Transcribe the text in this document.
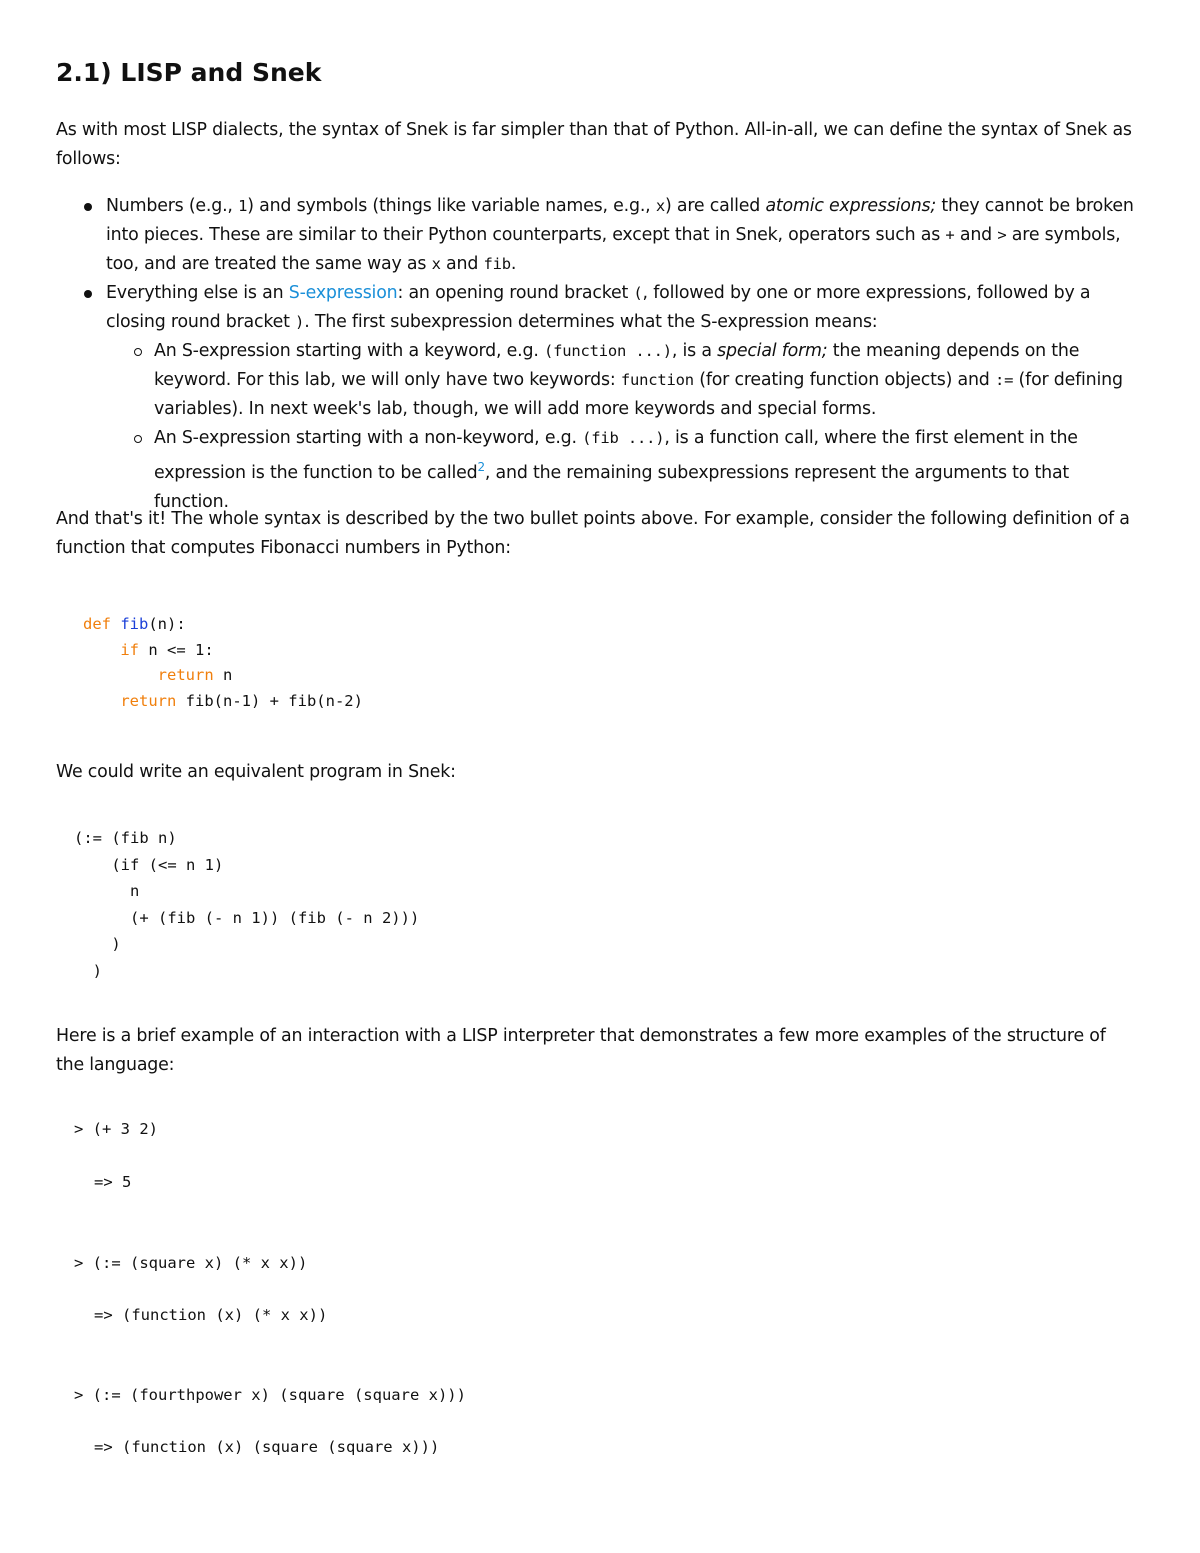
2.1) LISP and Snek

As with most LISP dialects, the syntax of Snek is far simpler than that of Python. All-in-all, we can define the syntax of Snek as follows:

Numbers (e.g., 1) and symbols (things like variable names, e.g., x) are called atomic expressions; they cannot be broken into pieces. These are similar to their Python counterparts, except that in Snek, operators such as + and > are symbols, too, and are treated the same way as x and fib.
Everything else is an S-expression: an opening round bracket (, followed by one or more expressions, followed by a closing round bracket ). The first subexpression determines what the S-expression means:
An S-expression starting with a keyword, e.g. (function ...), is a special form; the meaning depends on the keyword. For this lab, we will only have two keywords: function (for creating function objects) and := (for defining variables). In next week's lab, though, we will add more keywords and special forms.
An S-expression starting with a non-keyword, e.g. (fib ...), is a function call, where the first element in the expression is the function to be called$^2$, and the remaining subexpressions represent the arguments to that function.

And that's it! The whole syntax is described by the two bullet points above. For example, consider the following definition of a function that computes Fibonacci numbers in Python:

def fib(n):
if n <= 1:
return n
return fib(n-1) + fib(n-2)

We could write an equivalent program in Snek:

(:= (fib n)
(if (<= n 1)
n
(+ (fib (- n 1)) (fib (- n 2)))
)
)

Here is a brief example of an interaction with a LISP interpreter that demonstrates a few more examples of the structure of the language:

> (+ 3 2)
=> 5
> (:= (square x) (* x x))
=> (function (x) (* x x))
> (:= (fourthpower x) (square (square x)))
=> (function (x) (square (square x)))
